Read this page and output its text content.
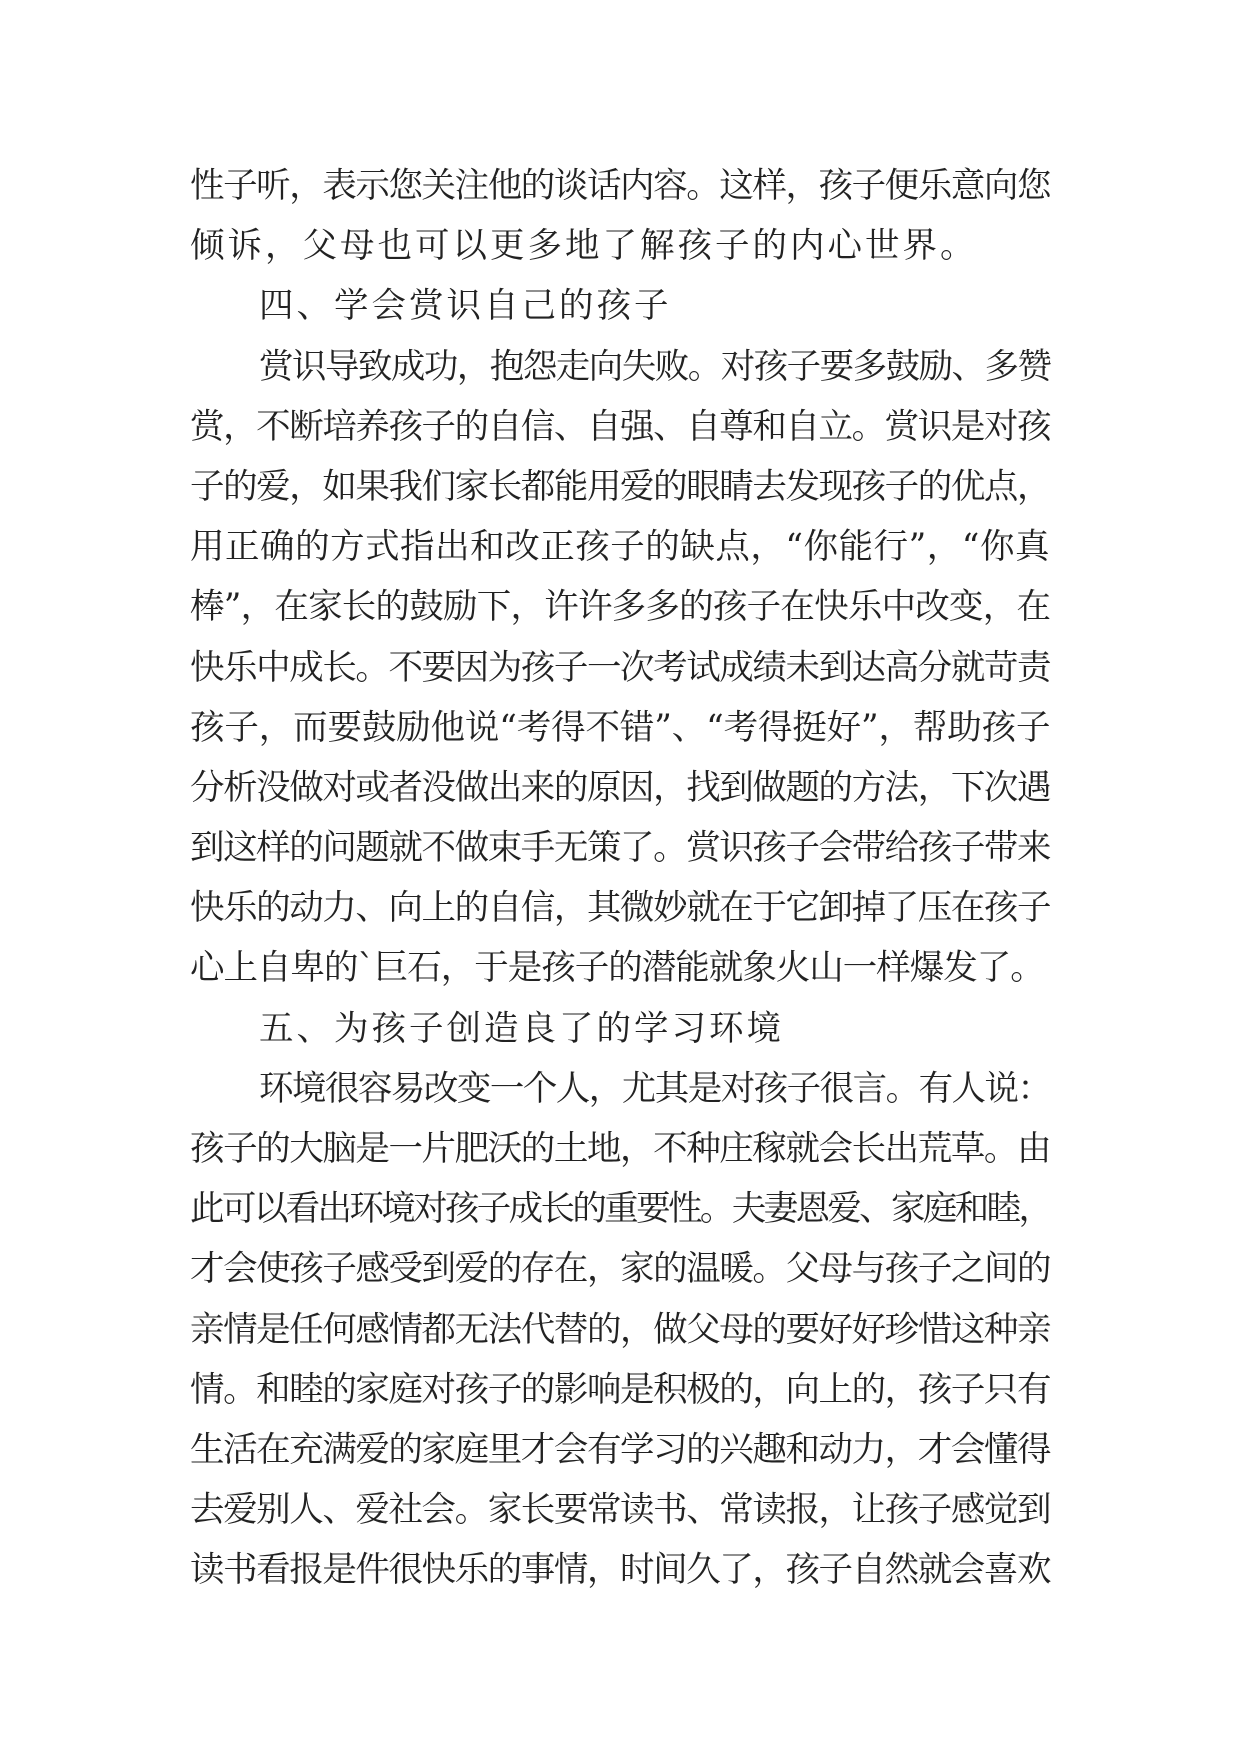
性子听，表示您关注他的谈话内容。这样，孩子便乐意向您
倾诉，父母也可以更多地了解孩子的内心世界。
四、学会赏识自己的孩子
赏识导致成功，抱怨走向失败。对孩子要多鼓励、多赞
赏，不断培养孩子的自信、自强、自尊和自立。赏识是对孩
子的爱，如果我们家长都能用爱的眼睛去发现孩子的优点，
用正确的方式指出和改正孩子的缺点，“你能行”，“你真
棒”，在家长的鼓励下，许许多多的孩子在快乐中改变，在
快乐中成长。不要因为孩子一次考试成绩未到达高分就苛责
孩子，而要鼓励他说“考得不错”、“考得挺好”，帮助孩子
分析没做对或者没做出来的原因，找到做题的方法，下次遇
到这样的问题就不做束手无策了。赏识孩子会带给孩子带来
快乐的动力、向上的自信，其微妙就在于它卸掉了压在孩子
心上自卑的`巨石，于是孩子的潜能就象火山一样爆发了。
五、为孩子创造良了的学习环境
环境很容易改变一个人，尤其是对孩子很言。有人说：
孩子的大脑是一片肥沃的土地，不种庄稼就会长出荒草。由
此可以看出环境对孩子成长的重要性。夫妻恩爱、家庭和睦，
才会使孩子感受到爱的存在，家的温暖。父母与孩子之间的
亲情是任何感情都无法代替的，做父母的要好好珍惜这种亲
情。和睦的家庭对孩子的影响是积极的，向上的，孩子只有
生活在充满爱的家庭里才会有学习的兴趣和动力，才会懂得
去爱别人、爱社会。家长要常读书、常读报，让孩子感觉到
读书看报是件很快乐的事情，时间久了，孩子自然就会喜欢
